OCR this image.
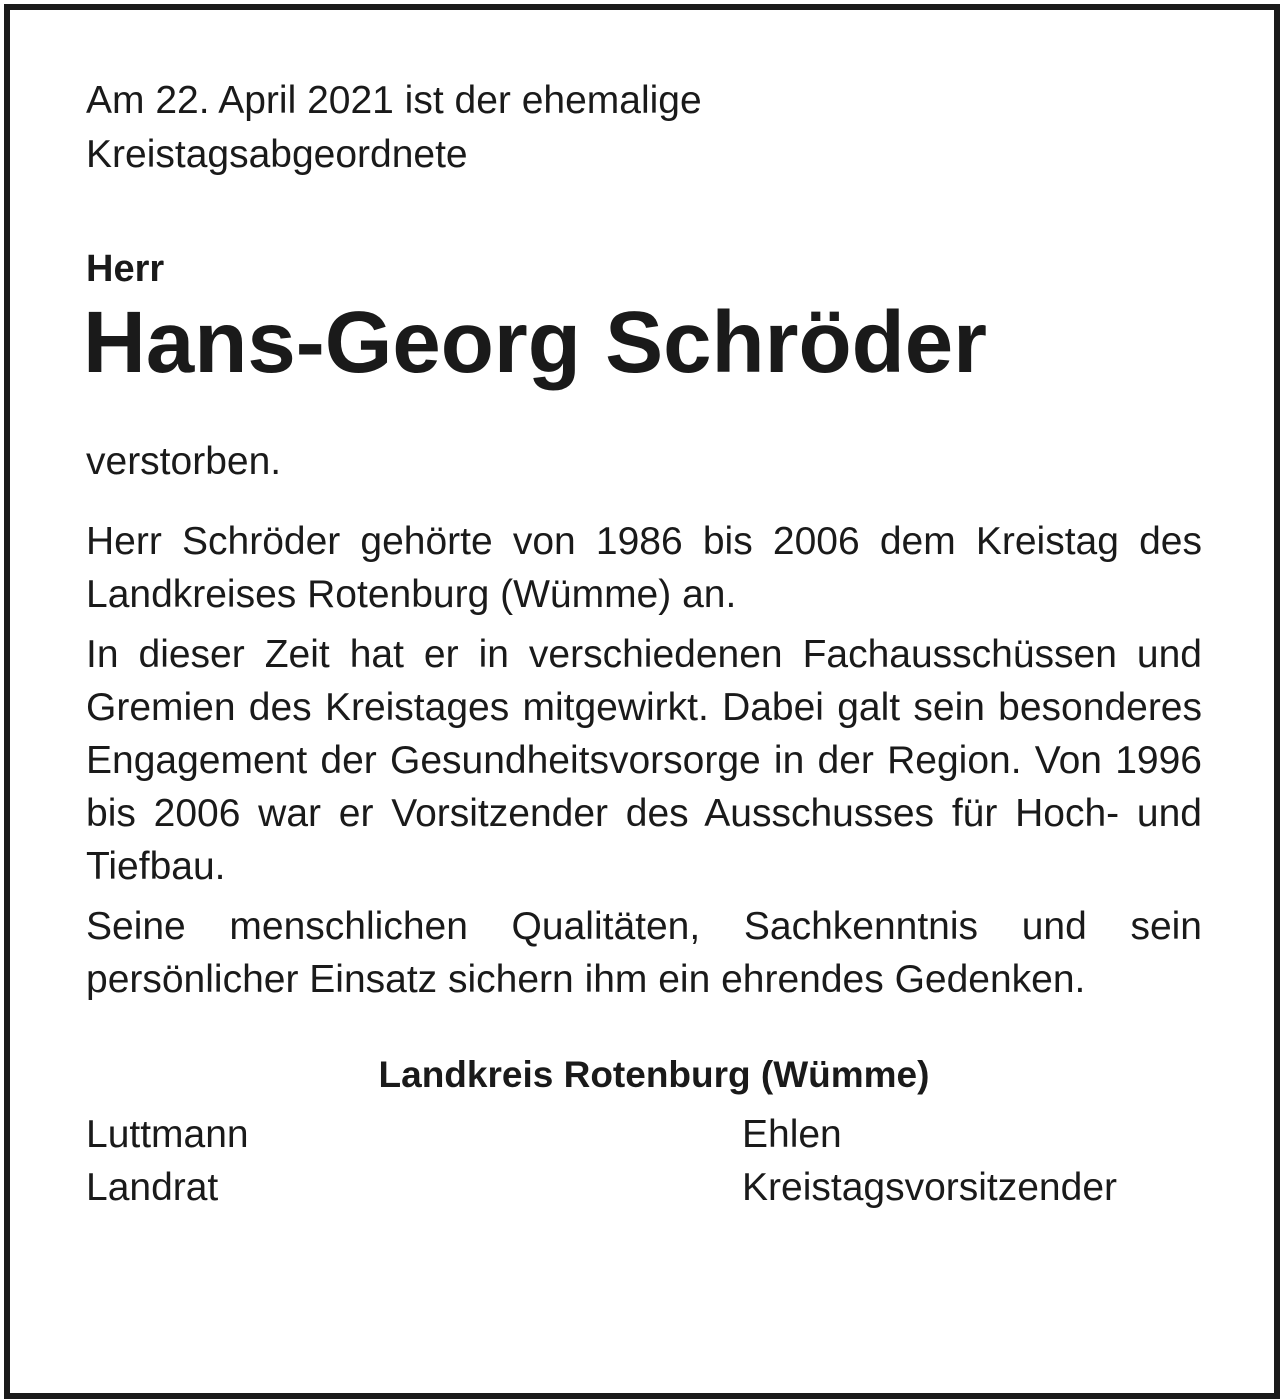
Am 22. April 2021 ist der ehemalige
Kreistagsabgeordnete

Herr
Hans-Georg Schröder
verstorben.

Herr Schröder gehörte von 1986 bis 2006 dem Kreistag des Landkreises Rotenburg (Wümme) an.

In dieser Zeit hat er in verschiedenen Fachausschüssen und Gremien des Kreistages mitgewirkt. Dabei galt sein besonderes Engagement der Gesundheitsvorsorge in der Region. Von 1996 bis 2006 war er Vorsitzender des Ausschusses für Hoch- und Tiefbau.

Seine menschlichen Qualitäten, Sachkenntnis und sein persönlicher Einsatz sichern ihm ein ehrendes Gedenken.

Landkreis Rotenburg (Wümme)
Luttmann
Landrat
Ehlen
Kreistagsvorsitzender
